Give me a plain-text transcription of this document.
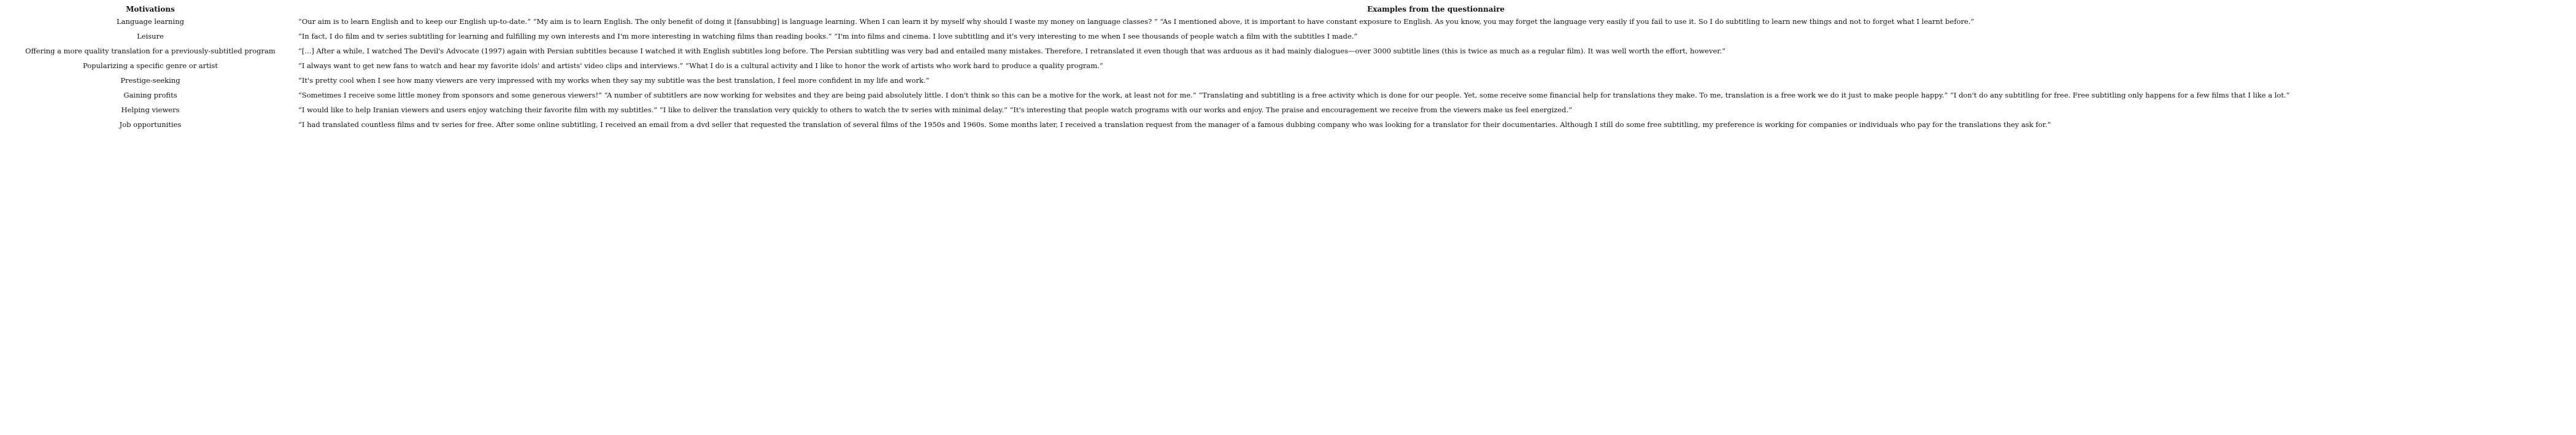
Motivations	Examples from the questionnaire
Language learning	“Our aim is to learn English and to keep our English up-to-date.” “My aim is to learn English. The only benefit of doing it [fansubbing] is language learning. When I can learn it by myself why should I waste my money on language classes? ” “As I mentioned above, it is important to have constant exposure to English. As you know, you may forget the language very easily if you fail to use it. So I do subtitling to learn new things and not to forget what I learnt before.”
Leisure	“In fact, I do film and tv series subtitling for learning and fulfilling my own interests and I'm more interesting in watching films than reading books.” “I'm into films and cinema. I love subtitling and it's very interesting to me when I see thousands of people watch a film with the subtitles I made.”
Offering a more quality translation for a previously-subtitled program	“[...] After a while, I watched The Devil's Advocate (1997) again with Persian subtitles because I watched it with English subtitles long before. The Persian subtitling was very bad and entailed many mistakes. Therefore, I retranslated it even though that was arduous as it had mainly dialogues—over 3000 subtitle lines (this is twice as much as a regular film). It was well worth the effort, however.”
Popularizing a specific genre or artist	“I always want to get new fans to watch and hear my favorite idols' and artists' video clips and interviews.” “What I do is a cultural activity and I like to honor the work of artists who work hard to produce a quality program.”
Prestige-seeking	“It's pretty cool when I see how many viewers are very impressed with my works when they say my subtitle was the best translation, I feel more confident in my life and work.”
Gaining profits	“Sometimes I receive some little money from sponsors and some generous viewers!” “A number of subtitlers are now working for websites and they are being paid absolutely little. I don't think so this can be a motive for the work, at least not for me.” “Translating and subtitling is a free activity which is done for our people. Yet, some receive some financial help for translations they make. To me, translation is a free work we do it just to make people happy.” “I don't do any subtitling for free. Free subtitling only happens for a few films that I like a lot.”
Helping viewers	“I would like to help Iranian viewers and users enjoy watching their favorite film with my subtitles.” “I like to deliver the translation very quickly to others to watch the tv series with minimal delay.” “It's interesting that people watch programs with our works and enjoy. The praise and encouragement we receive from the viewers make us feel energized.”
Job opportunities	“I had translated countless films and tv series for free. After some online subtitling, I received an email from a dvd seller that requested the translation of several films of the 1950s and 1960s. Some months later, I received a translation request from the manager of a famous dubbing company who was looking for a translator for their documentaries. Although I still do some free subtitling, my preference is working for companies or individuals who pay for the translations they ask for.”
